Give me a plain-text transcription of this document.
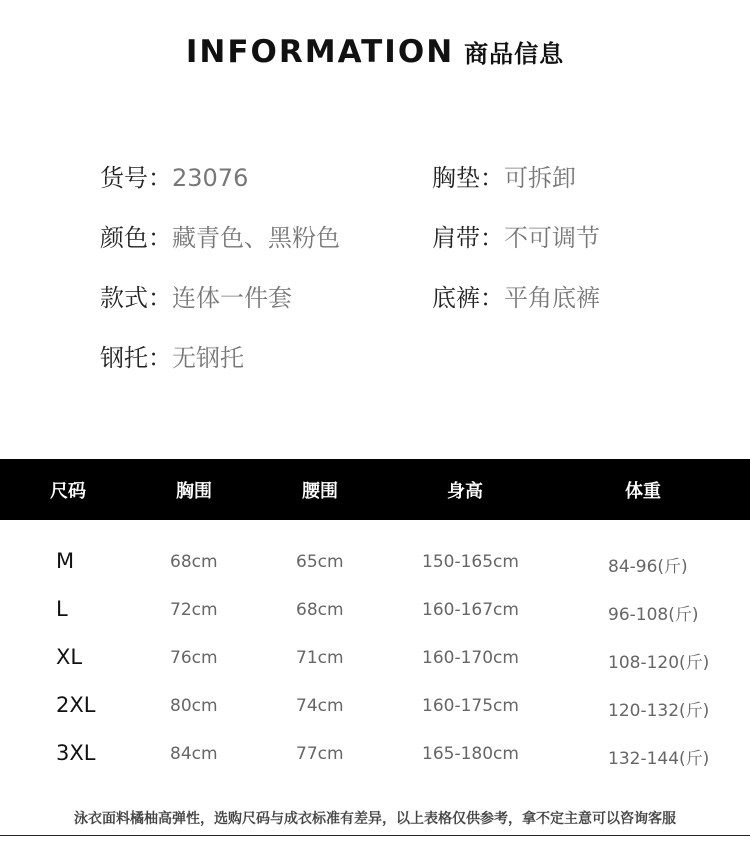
INFORMATION 商品信息
货号：23076
颜色：藏青色、黑粉色
款式：连体一件套
钢托：无钢托
胸垫：可拆卸
肩带：不可调节
底裤：平角底裤
尺码	胸围	腰围	身高	体重
M	68cm	65cm	150-165cm	84-96(斤)
L	72cm	68cm	160-167cm	96-108(斤)
XL	76cm	71cm	160-170cm	108-120(斤)
2XL	80cm	74cm	160-175cm	120-132(斤)
3XL	84cm	77cm	165-180cm	132-144(斤)
泳衣面料橘柚高弹性，选购尺码与成衣标准有差异，以上表格仅供参考，拿不定主意可以咨询客服
